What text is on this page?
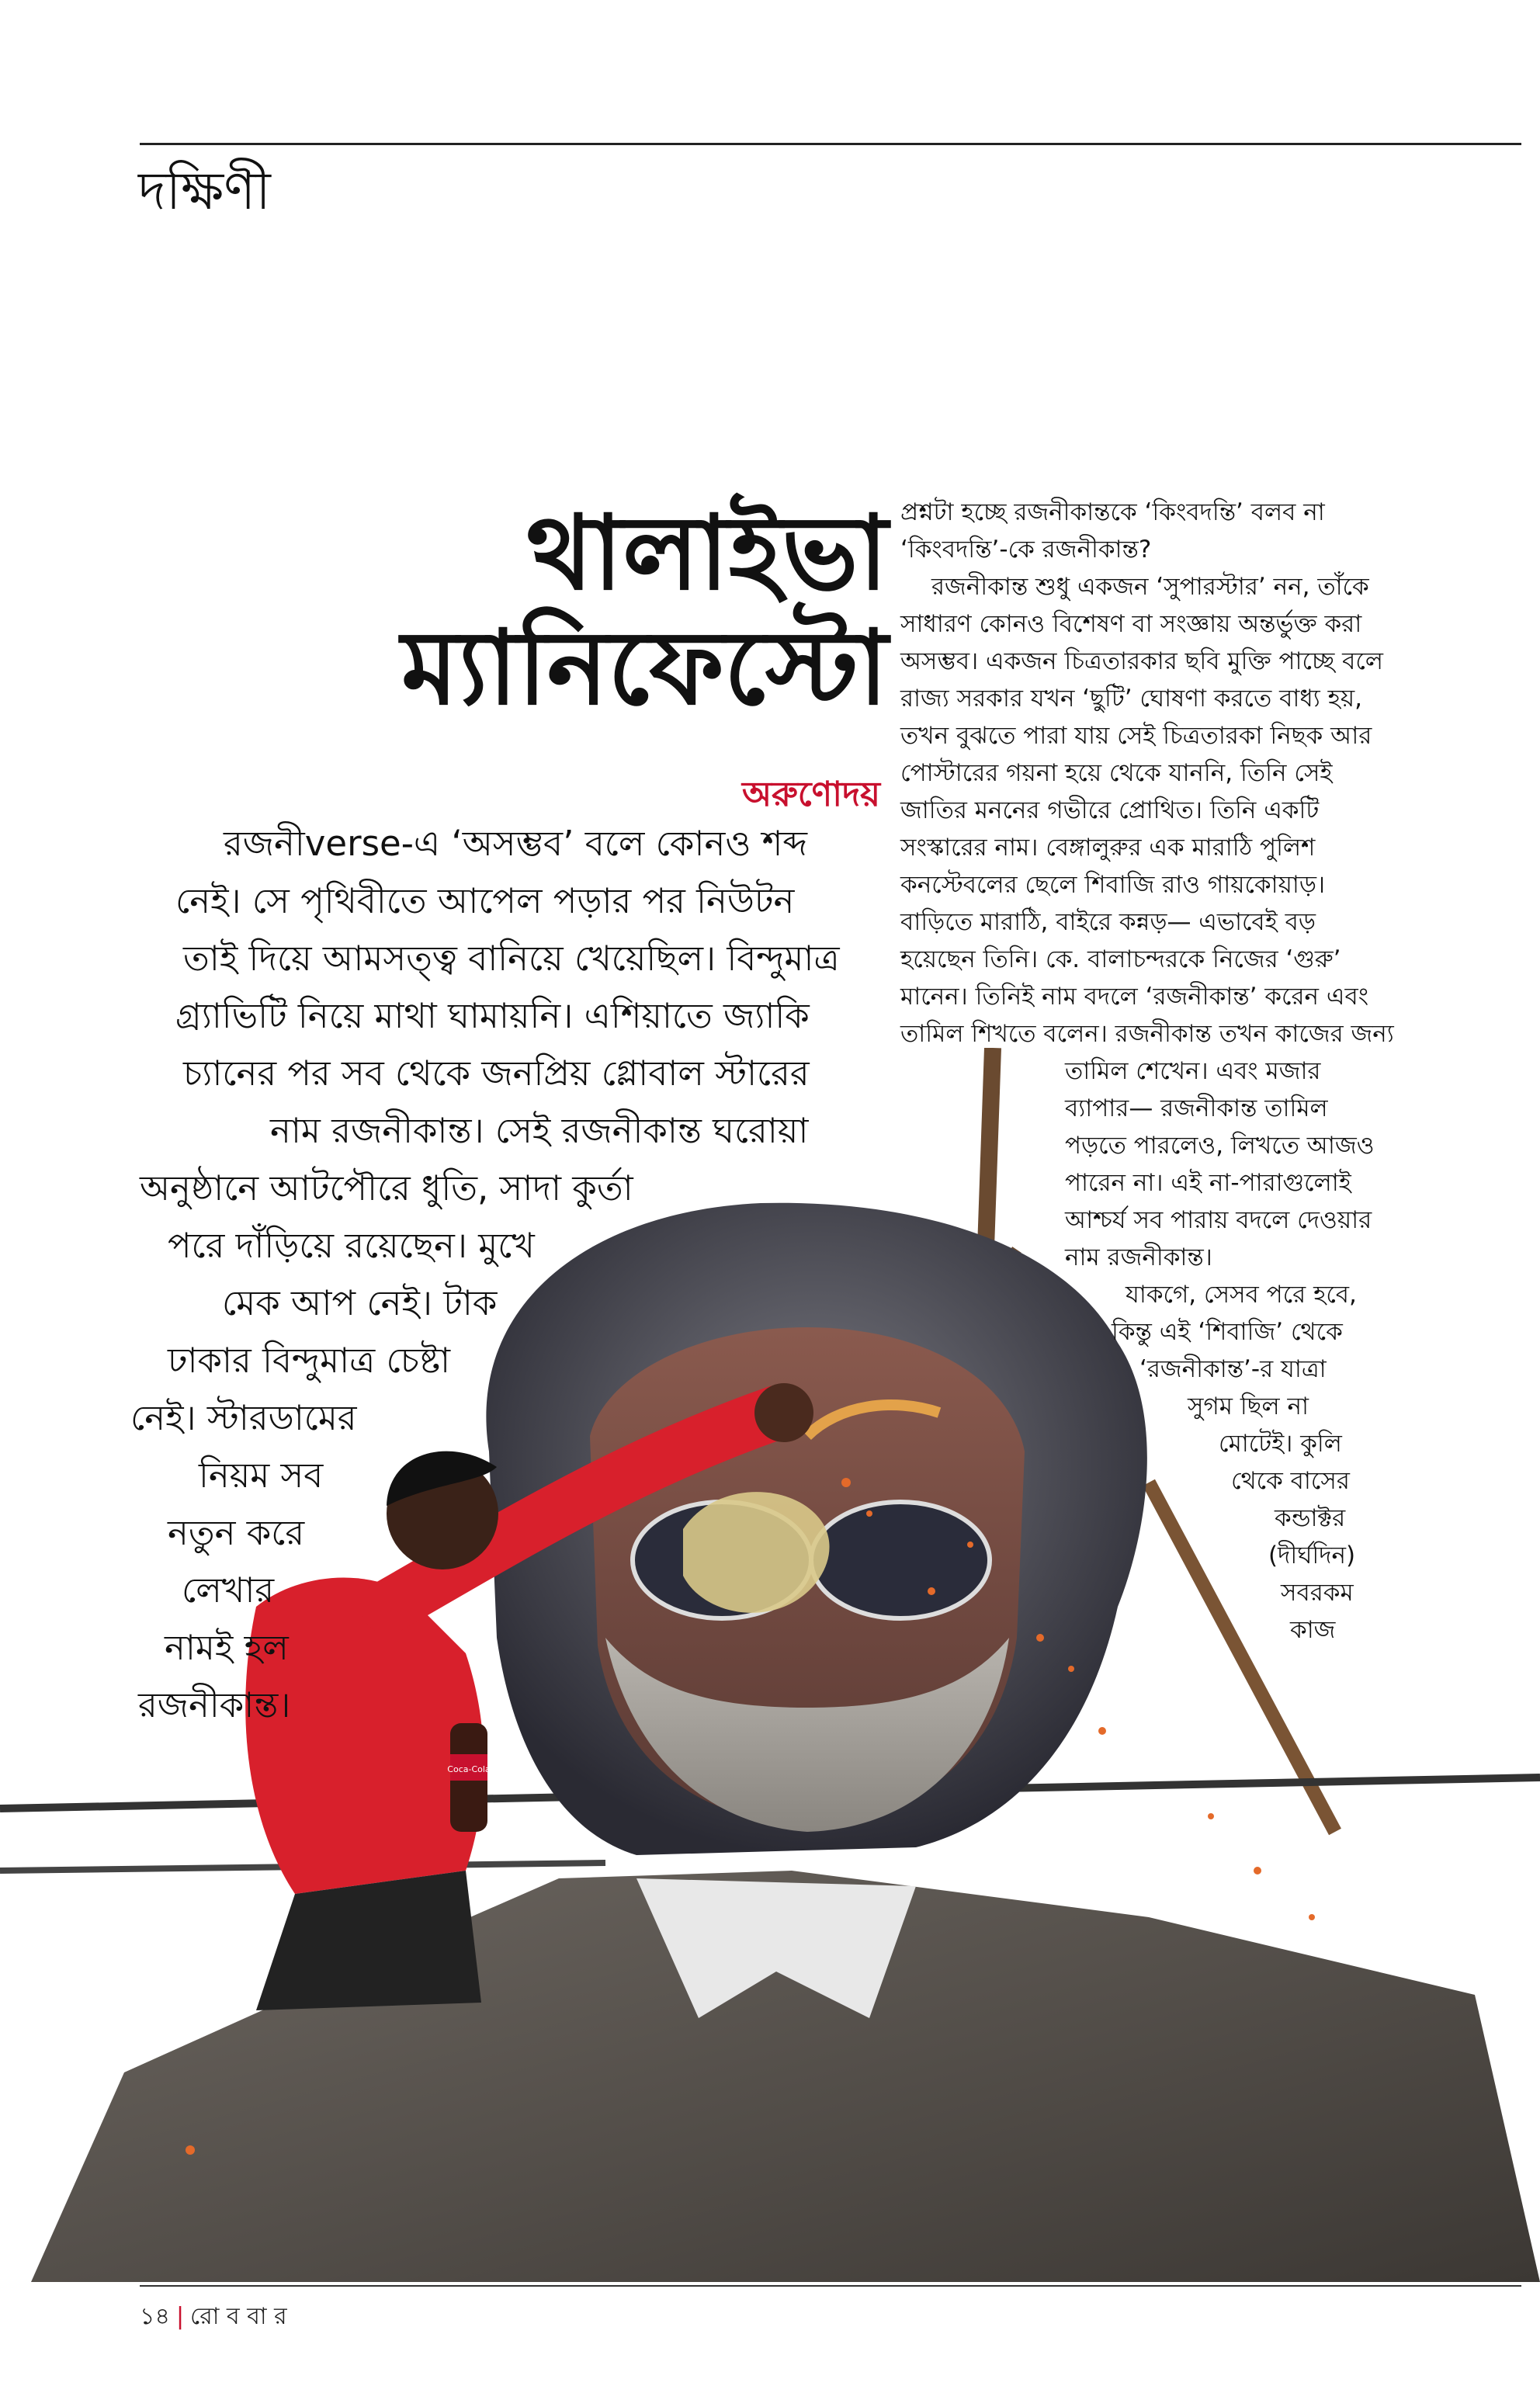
দক্ষিণী
Coca-Cola
থালাইভা
ম্যানিফেস্টো
অরুণোদয়
রজনীverse-এ ‘অসম্ভব’ বলে কোনও শব্দ
নেই। সে পৃথিবীতে আপেল পড়ার পর নিউটন
তাই দিয়ে আমসত্ত্ব বানিয়ে খেয়েছিল। বিন্দুমাত্র
গ্র্যাভিটি নিয়ে মাথা ঘামায়নি। এশিয়াতে জ্যাকি
চ্যানের পর সব থেকে জনপ্রিয় গ্লোবাল স্টারের
নাম রজনীকান্ত। সেই রজনীকান্ত ঘরোয়া
অনুষ্ঠানে আটপৌরে ধুতি, সাদা কুর্তা
পরে দাঁড়িয়ে রয়েছেন। মুখে
মেক আপ নেই। টাক
ঢাকার বিন্দুমাত্র চেষ্টা
নেই। স্টারডামের
নিয়ম সব
নতুন করে
লেখার
নামই হল
রজনীকান্ত।
প্রশ্নটা হচ্ছে রজনীকান্তকে ‘কিংবদন্তি’ বলব না
‘কিংবদন্তি’-কে রজনীকান্ত?
রজনীকান্ত শুধু একজন ‘সুপারস্টার’ নন, তাঁকে
সাধারণ কোনও বিশেষণ বা সংজ্ঞায় অন্তর্ভুক্ত করা
অসম্ভব। একজন চিত্রতারকার ছবি মুক্তি পাচ্ছে বলে
রাজ্য সরকার যখন ‘ছুটি’ ঘোষণা করতে বাধ্য হয়,
তখন বুঝতে পারা যায় সেই চিত্রতারকা নিছক আর
পোস্টারের গয়না হয়ে থেকে যাননি, তিনি সেই
জাতির মননের গভীরে প্রোথিত। তিনি একটি
সংস্কারের নাম। বেঙ্গালুরুর এক মারাঠি পুলিশ
কনস্টেবলের ছেলে শিবাজি রাও গায়কোয়াড়।
বাড়িতে মারাঠি, বাইরে কন্নড়— এভাবেই বড়
হয়েছেন তিনি। কে. বালাচন্দরকে নিজের ‘গুরু’
মানেন। তিনিই নাম বদলে ‘রজনীকান্ত’ করেন এবং
তামিল শিখতে বলেন। রজনীকান্ত তখন কাজের জন্য
তামিল শেখেন। এবং মজার
ব্যাপার— রজনীকান্ত তামিল
পড়তে পারলেও, লিখতে আজও
পারেন না। এই না-পারাগুলোই
আশ্চর্য সব পারায় বদলে দেওয়ার
নাম রজনীকান্ত।
যাকগে, সেসব পরে হবে,
কিন্তু এই ‘শিবাজি’ থেকে
‘রজনীকান্ত’-র যাত্রা
সুগম ছিল না
মোটেই। কুলি
থেকে বাসের
কন্ডাক্টর
(দীর্ঘদিন)
সবরকম
কাজ
১৪ | রো ব বা র
